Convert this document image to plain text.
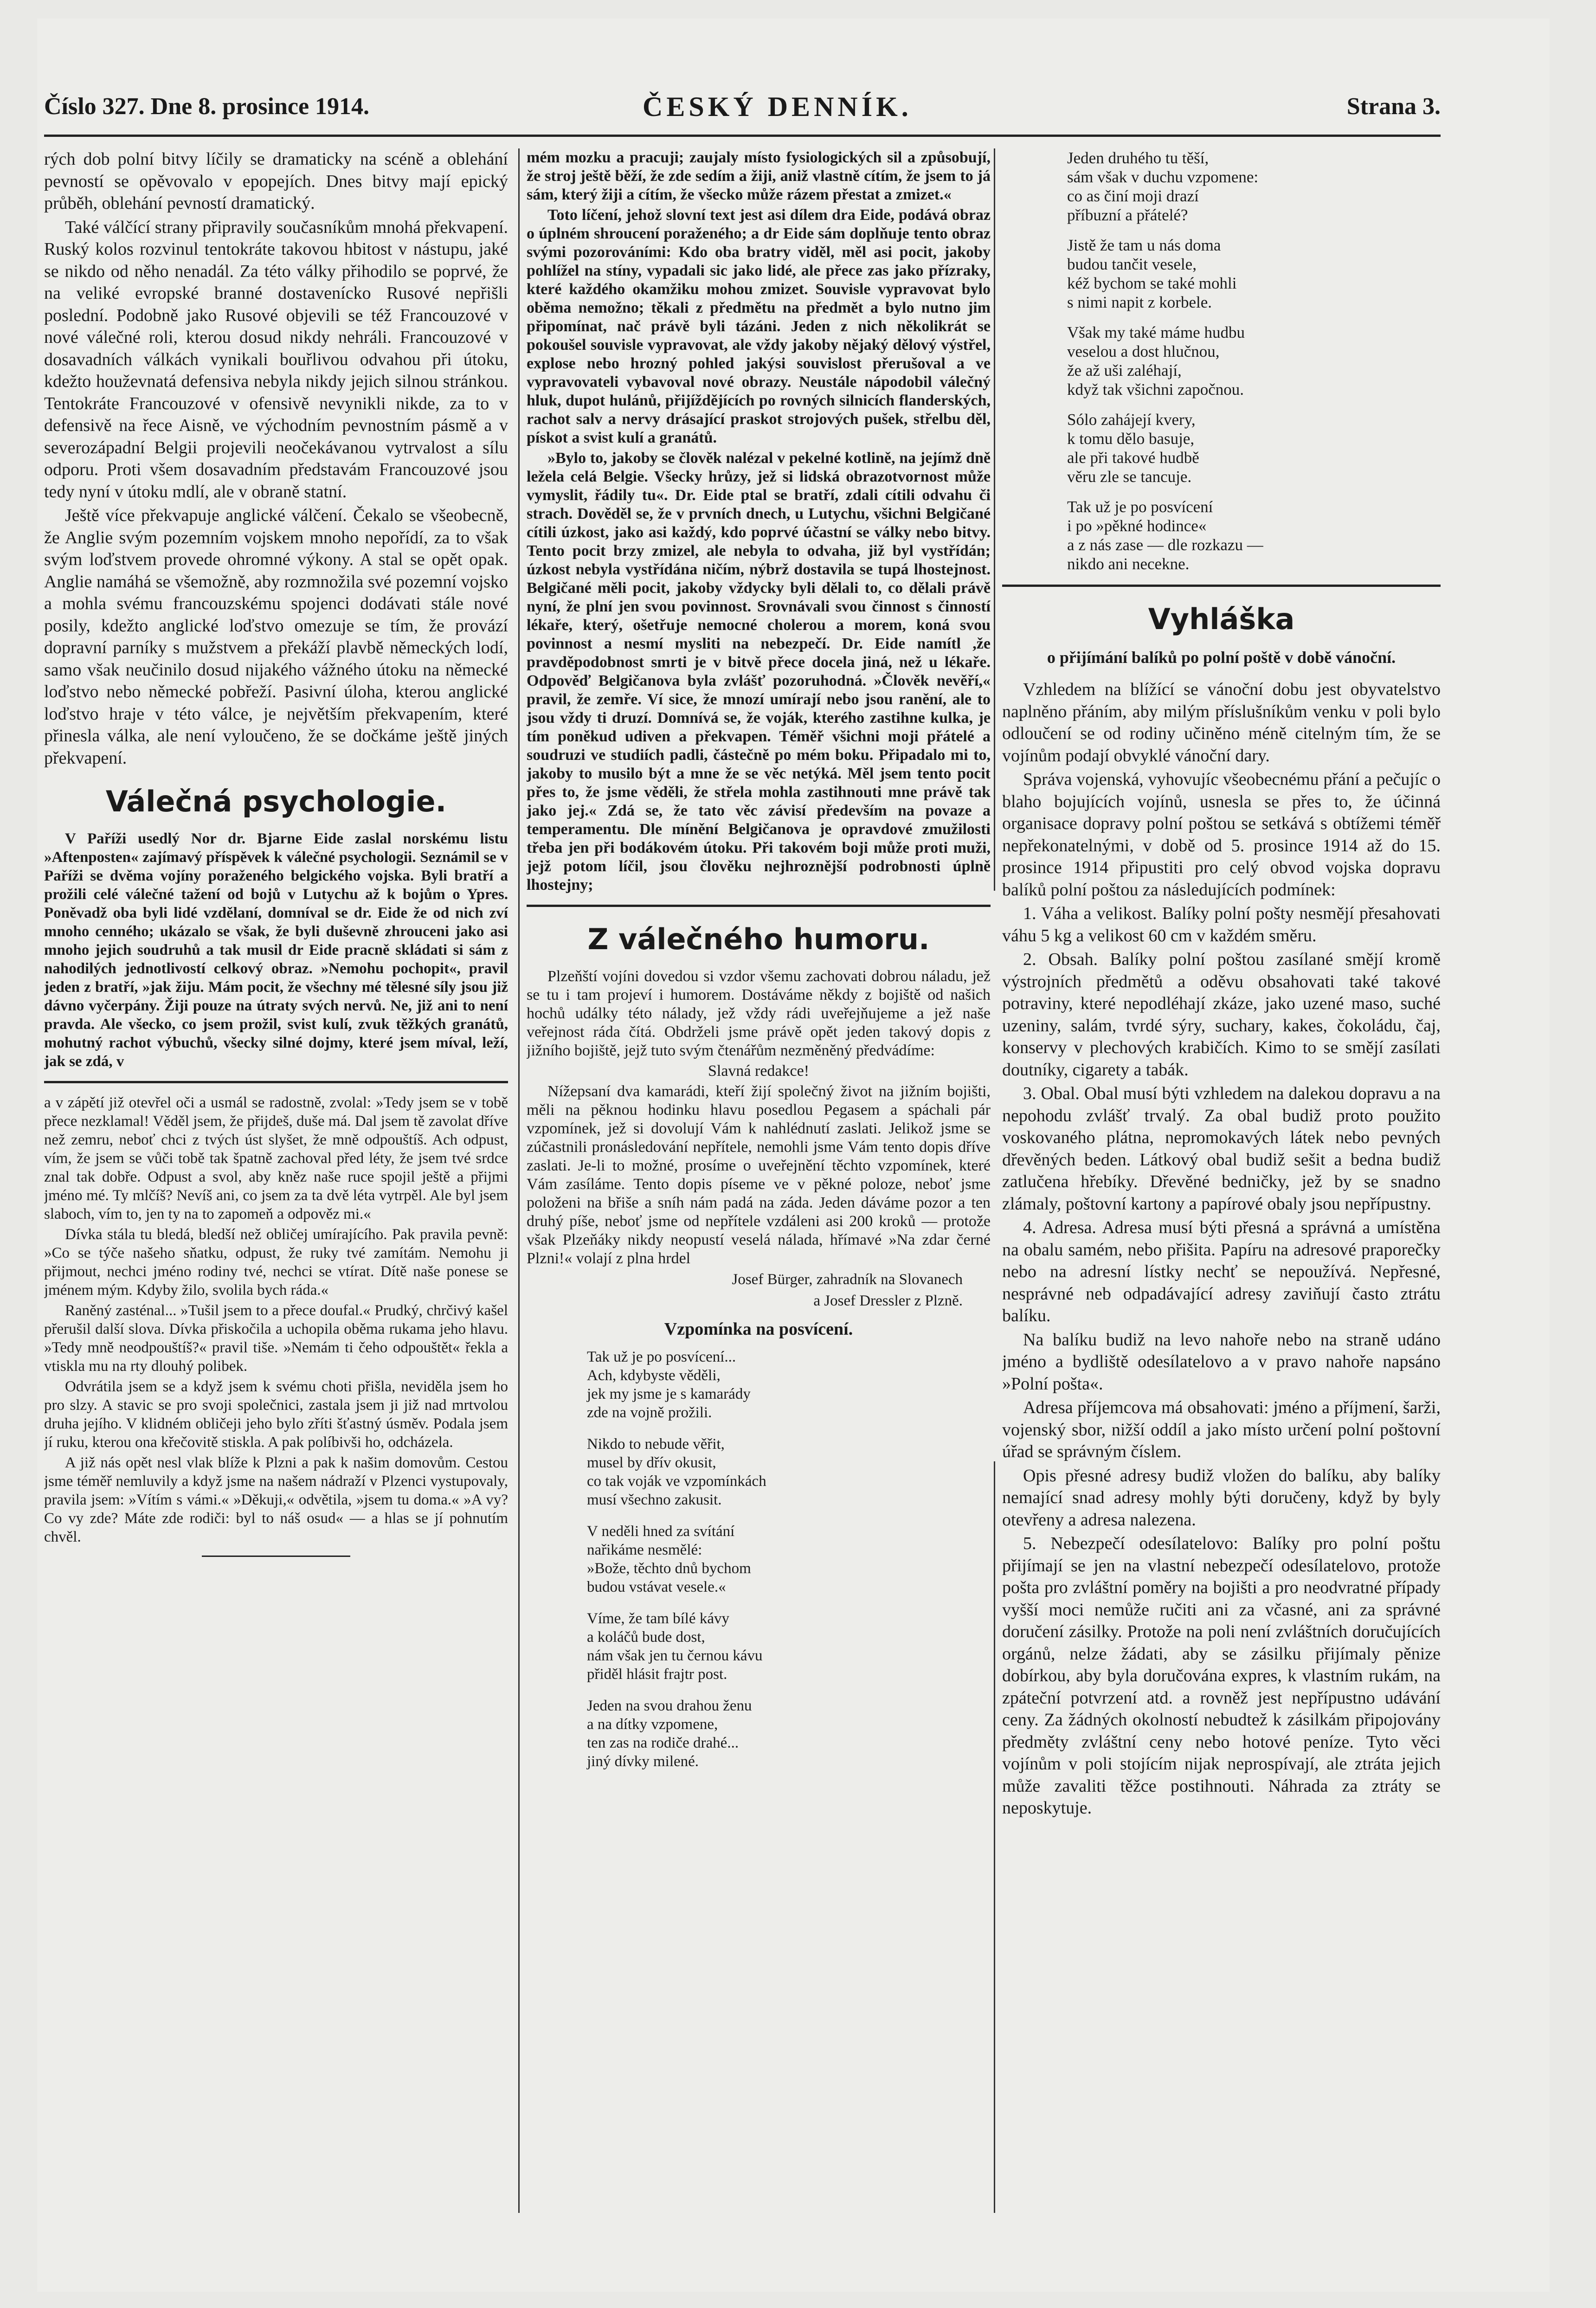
Číslo 327. Dne 8. prosince 1914.	ČESKÝ DENNÍK.	Strana 3.

rých dob polní bitvy líčily se dramaticky na scéně a oblehání pevností se opěvovalo v epopejích. Dnes bitvy mají epický průběh, oblehání pevností dramatický.

Také válčící strany připravily současníkům mnohá překvapení. Ruský kolos rozvinul tentokráte takovou hbitost v nástupu, jaké se nikdo od něho nenadál. Za této války přihodilo se poprvé, že na veliké evropské branné dostavenícko Rusové nepřišli poslední. Podobně jako Rusové objevili se též Francouzové v nové válečné roli, kterou dosud nikdy nehráli. Francouzové v dosavadních válkách vynikali bouřlivou odvahou při útoku, kdežto houževnatá defensiva nebyla nikdy jejich silnou stránkou. Tentokráte Francouzové v ofensivě nevynikli nikde, za to v defensivě na řece Aisně, ve východním pevnostním pásmě a v severozápadní Belgii projevili neočekávanou vytrvalost a sílu odporu. Proti všem dosavadním představám Francouzové jsou tedy nyní v útoku mdlí, ale v obraně statní.

Ještě více překvapuje anglické válčení. Čekalo se všeobecně, že Anglie svým pozemním vojskem mnoho nepořídí, za to však svým loďstvem provede ohromné výkony. A stal se opět opak. Anglie namáhá se všemožně, aby rozmnožila své pozemní vojsko a mohla svému francouzskému spojenci dodávati stále nové posily, kdežto anglické loďstvo omezuje se tím, že provází dopravní parníky s mužstvem a překáží plavbě německých lodí, samo však neučinilo dosud nijakého vážného útoku na německé loďstvo nebo německé pobřeží. Pasivní úloha, kterou anglické loďstvo hraje v této válce, je největším překvapením, které přinesla válka, ale není vyloučeno, že se dočkáme ještě jiných překvapení.

Válečná psychologie.

V Paříži usedlý Nor dr. Bjarne Eide zaslal norskému listu »Aftenposten« zajímavý příspěvek k válečné psychologii. Seznámil se v Paříži se dvěma vojíny poraženého belgického vojska. Byli bratří a prožili celé válečné tažení od bojů v Lutychu až k bojům o Ypres. Poněvadž oba byli lidé vzdělaní, domníval se dr. Eide že od nich zví mnoho cenného; ukázalo se však, že byli duševně zhrouceni jako asi mnoho jejich soudruhů a tak musil dr Eide pracně skládati si sám z nahodilých jednotlivostí celkový obraz. »Nemohu pochopit«, pravil jeden z bratří, »jak žiju. Mám pocit, že všechny mé tělesné síly jsou již dávno vyčerpány. Žiji pouze na útraty svých nervů. Ne, již ani to není pravda. Ale všecko, co jsem prožil, svist kulí, zvuk těžkých granátů, mohutný rachot výbuchů, všecky silné dojmy, které jsem míval, leží, jak se zdá, v

a v zápětí již otevřel oči a usmál se radostně, zvolal: »Tedy jsem se v tobě přece nezklamal! Věděl jsem, že přijdeš, duše má. Dal jsem tě zavolat dříve než zemru, neboť chci z tvých úst slyšet, že mně odpouštíš. Ach odpust, vím, že jsem se vůči tobě tak špatně zachoval před léty, že jsem tvé srdce znal tak dobře. Odpust a svol, aby kněz naše ruce spojil ještě a přijmi jméno mé. Ty mlčíš? Nevíš ani, co jsem za ta dvě léta vytrpěl. Ale byl jsem slaboch, vím to, jen ty na to zapomeň a odpověz mi.«

Dívka stála tu bledá, bledší než obličej umírajícího. Pak pravila pevně: »Co se týče našeho sňatku, odpust, že ruky tvé zamítám. Nemohu ji přijmout, nechci jméno rodiny tvé, nechci se vtírat. Dítě naše ponese se jménem mým. Kdyby žilo, svolila bych ráda.«

Raněný zasténal... »Tušil jsem to a přece doufal.« Prudký, chrčivý kašel přerušil další slova. Dívka přiskočila a uchopila oběma rukama jeho hlavu. »Tedy mně neodpouštíš?« pravil tiše. »Nemám ti čeho odpouštět« řekla a vtiskla mu na rty dlouhý polibek.

Odvrátila jsem se a když jsem k svému choti přišla, neviděla jsem ho pro slzy. A stavic se pro svoji společnici, zastala jsem ji již nad mrtvolou druha jejího. V klidném obličeji jeho bylo zříti šťastný úsměv. Podala jsem jí ruku, kterou ona křečovitě stiskla. A pak políbivši ho, odcházela.

A již nás opět nesl vlak blíže k Plzni a pak k našim domovům. Cestou jsme téměř nemluvily a když jsme na našem nádraží v Plzenci vystupovaly, pravila jsem: »Vítím s vámi.« »Děkuji,« odvětila, »jsem tu doma.« »A vy? Co vy zde? Máte zde rodiči: byl to náš osud« — a hlas se jí pohnutím chvěl.

mém mozku a pracuji; zaujaly místo fysiologických sil a způsobují, že stroj ještě běží, že zde sedím a žiji, aniž vlastně cítím, že jsem to já sám, který žiji a cítím, že všecko může rázem přestat a zmizet.«

Toto líčení, jehož slovní text jest asi dílem dra Eide, podává obraz o úplném shroucení poraženého; a dr Eide sám doplňuje tento obraz svými pozorováními: Kdo oba bratry viděl, měl asi pocit, jakoby pohlížel na stíny, vypadali sic jako lidé, ale přece zas jako přízraky, které každého okamžiku mohou zmizet. Souvisle vypravovat bylo oběma nemožno; těkali z předmětu na předmět a bylo nutno jim připomínat, nač právě byli tázáni. Jeden z nich několikrát se pokoušel souvisle vypravovat, ale vždy jakoby nějaký dělový výstřel, explose nebo hrozný pohled jakýsi souvislost přerušoval a ve vypravovateli vybavoval nové obrazy. Neustále nápodobil válečný hluk, dupot hulánů, přijíždějících po rovných silnicích flanderských, rachot salv a nervy drásající praskot strojových pušek, střelbu děl, pískot a svist kulí a granátů.

»Bylo to, jakoby se člověk nalézal v pekelné kotlině, na jejímž dně ležela celá Belgie. Všecky hrůzy, jež si lidská obrazotvornost může vymyslit, řádily tu«. Dr. Eide ptal se bratří, zdali cítili odvahu či strach. Dověděl se, že v prvních dnech, u Lutychu, všichni Belgičané cítili úzkost, jako asi každý, kdo poprvé účastní se války nebo bitvy. Tento pocit brzy zmizel, ale nebyla to odvaha, již byl vystřídán; úzkost nebyla vystřídána ničím, nýbrž dostavila se tupá lhostejnost. Belgičané měli pocit, jakoby vždycky byli dělali to, co dělali právě nyní, že plní jen svou povinnost. Srovnávali svou činnost s činností lékaře, který, ošetřuje nemocné cholerou a morem, koná svou povinnost a nesmí mysliti na nebezpečí. Dr. Eide namítl ,že pravděpodobnost smrti je v bitvě přece docela jiná, než u lékaře. Odpověď Belgičanova byla zvlášť pozoruhodná. »Člověk nevěří,« pravil, že zemře. Ví sice, že mnozí umírají nebo jsou ranění, ale to jsou vždy ti druzí. Domnívá se, že voják, kterého zastihne kulka, je tím poněkud udiven a překvapen. Téměř všichni moji přátelé a soudruzi ve studiích padli, částečně po mém boku. Připadalo mi to, jakoby to musilo být a mne že se věc netýká. Měl jsem tento pocit přes to, že jsme věděli, že střela mohla zastihnouti mne právě tak jako jej.« Zdá se, že tato věc závisí především na povaze a temperamentu. Dle mínění Belgičanova je opravdové zmužilosti třeba jen při bodákovém útoku. Při takovém boji může proti muži, jejž potom líčil, jsou člověku nejhroznější podrobnosti úplně lhostejny;

Z válečného humoru.

Plzeňští vojíni dovedou si vzdor všemu zachovati dobrou náladu, jež se tu i tam projeví i humorem. Dostáváme někdy z bojiště od našich hochů událky této nálady, jež vždy rádi uveřejňujeme a jež naše veřejnost ráda čítá. Obdrželi jsme právě opět jeden takový dopis z jižního bojiště, jejž tuto svým čtenářům nezměněný předvádíme:

Slavná redakce!

Nížepsaní dva kamarádi, kteří žijí společný život na jižním bojišti, měli na pěknou hodinku hlavu posedlou Pegasem a spáchali pár vzpomínek, jež si dovolují Vám k nahlédnutí zaslati. Jelikož jsme se zúčastnili pronásledování nepřítele, nemohli jsme Vám tento dopis dříve zaslati. Je-li to možné, prosíme o uveřejnění těchto vzpomínek, které Vám zasíláme. Tento dopis píseme ve v pěkné poloze, neboť jsme položeni na břiše a sníh nám padá na záda. Jeden dáváme pozor a ten druhý píše, neboť jsme od nepřítele vzdáleni asi 200 kroků — protože však Plzeňáky nikdy neopustí veselá nálada, hřímavé »Na zdar černé Plzni!« volají z plna hrdel

Josef Bürger, zahradník na Slovanech

a Josef Dressler z Plzně.

Vzpomínka na posvícení.
Tak už je po posvícení...
Ach, kdybyste věděli,
jek my jsme je s kamarády
zde na vojně prožili.
Nikdo to nebude věřit,
musel by dřív okusit,
co tak voják ve vzpomínkách
musí všechno zakusit.
V neděli hned za svítání
nařikáme nesmělé:
»Bože, těchto dnů bychom
budou vstávat vesele.«
Víme, že tam bílé kávy
a koláčů bude dost,
nám však jen tu černou kávu
přiděl hlásit frajtr post.
Jeden na svou drahou ženu
a na dítky vzpomene,
ten zas na rodiče drahé...
jiný dívky milené.
Jeden druhého tu těší,
sám však v duchu vzpomene:
co as činí moji drazí
příbuzní a přátelé?
Jistě že tam u nás doma
budou tančit vesele,
kéž bychom se také mohli
s nimi napit z korbele.
Však my také máme hudbu
veselou a dost hlučnou,
že až uši zaléhají,
když tak všichni započnou.
Sólo zahájejí kvery,
k tomu dělo basuje,
ale při takové hudbě
věru zle se tancuje.
Tak už je po posvícení
i po »pěkné hodince«
a z nás zase — dle rozkazu —
nikdo ani necekne.
Vyhláška
o přijímání balíků po polní poště v době vánoční.

Vzhledem na blížící se vánoční dobu jest obyvatelstvo naplněno přáním, aby milým příslušníkům venku v poli bylo odloučení se od rodiny učiněno méně citelným tím, že se vojínům podají obvyklé vánoční dary.

Správa vojenská, vyhovujíc všeobecnému přání a pečujíc o blaho bojujících vojínů, usnesla se přes to, že účinná organisace dopravy polní poštou se setkává s obtížemi téměř nepřekonatelnými, v době od 5. prosince 1914 až do 15. prosince 1914 připustiti pro celý obvod vojska dopravu balíků polní poštou za následujících podmínek:

1. Váha a velikost. Balíky polní pošty nesmějí přesahovati váhu 5 kg a velikost 60 cm v každém směru.

2. Obsah. Balíky polní poštou zasílané smějí kromě výstrojních předmětů a oděvu obsahovati také takové potraviny, které nepodléhají zkáze, jako uzené maso, suché uzeniny, salám, tvrdé sýry, suchary, kakes, čokoládu, čaj, konservy v plechových krabičích. Kimo to se smějí zasílati doutníky, cigarety a tabák.

3. Obal. Obal musí býti vzhledem na dalekou dopravu a na nepohodu zvlášť trvalý. Za obal budiž proto použito voskovaného plátna, nepromokavých látek nebo pevných dřevěných beden. Látkový obal budiž sešit a bedna budiž zatlučena hřebíky. Dřevěné bedničky, jež by se snadno zlámaly, poštovní kartony a papírové obaly jsou nepřípustny.

4. Adresa. Adresa musí býti přesná a správná a umístěna na obalu samém, nebo přišita. Papíru na adresové praporečky nebo na adresní lístky nechť se nepoužívá. Nepřesné, nesprávné neb odpadávající adresy zaviňují často ztrátu balíku.

Na balíku budiž na levo nahoře nebo na straně udáno jméno a bydliště odesílatelovo a v pravo nahoře napsáno »Polní pošta«.

Adresa příjemcova má obsahovati: jméno a příjmení, šarži, vojenský sbor, nižší oddíl a jako místo určení polní poštovní úřad se správným číslem.

Opis přesné adresy budiž vložen do balíku, aby balíky nemající snad adresy mohly býti doručeny, když by byly otevřeny a adresa nalezena.

5. Nebezpečí odesílatelovo: Balíky pro polní poštu přijímají se jen na vlastní nebezpečí odesílatelovo, protože pošta pro zvláštní poměry na bojišti a pro neodvratné případy vyšší moci nemůže ručiti ani za včasné, ani za správné doručení zásilky. Protože na poli není zvláštních doručujících orgánů, nelze žádati, aby se zásilku přijímaly pěnize dobírkou, aby byla doručována expres, k vlastním rukám, na zpáteční potvrzení atd. a rovněž jest nepřípustno udávání ceny. Za žádných okolností nebudtež k zásilkám připojovány předměty zvláštní ceny nebo hotové peníze. Tyto věci vojínům v poli stojícím nijak neprospívají, ale ztráta jejich může zavaliti těžce postihnouti. Náhrada za ztráty se neposkytuje.
